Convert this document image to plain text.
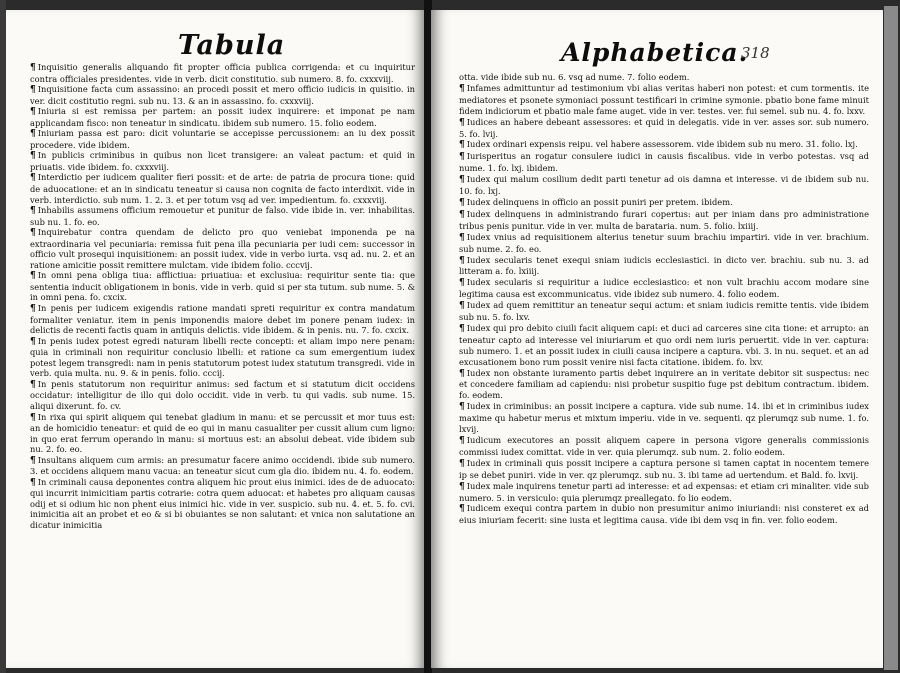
Tabula

¶ Inquisitio generalis aliquando fit propter officia publica corrigenda: et cu inquiritur contra officiales presidentes. vide in verb. dicit constitutio. sub numero. 8. fo. cxxxviij.

¶ Inquisitione facta cum assassino: an procedi possit et mero officio iudicis in quisitio. in ver. dicit costitutio regni. sub nu. 13. & an in assassino. fo. cxxxviij.

¶ Iniuria si est remissa per partem: an possit iudex inquirere: et imponat pe nam applicandam fisco: non teneatur in sindicatu. ibidem sub numero. 15. folio eodem.

¶ Iniuriam passa est paro: dicit voluntarie se accepisse percussionem: an iu dex possit procedere. vide ibidem.

¶ In publicis criminibus in quibus non licet transigere: an valeat pactum: et quid in priuatis. vide ibidem. fo. cxxxviij.

¶ Interdictio per iudicem qualiter fieri possit: et de arte: de patria de procura tione: quid de aduocatione: et an in sindicatu teneatur si causa non cognita de facto interdixit. vide in verb. interdictio. sub num. 1. 2. 3. et per totum vsq ad ver. impedientum. fo. cxxxviij.

¶ Inhabilis assumens officium remouetur et punitur de falso. vide ibide in. ver. inhabilitas. sub nu. 1. fo. eo.

¶ Inquirebatur contra quendam de delicto pro quo veniebat imponenda pe na extraordinaria vel pecuniaria: remissa fuit pena illa pecuniaria per iudi cem: successor in officio vult prosequi inquisitionem: an possit iudex. vide in verbo iurta. vsq ad. nu. 2. et an ratione amicitie possit remittere mulctam. vide ibidem folio. cccvij.

¶ In omni pena obliga tiua: afflictiua: priuatiua: et exclusiua: requiritur sente tia: que sententia inducit obligationem in bonis. vide in verb. quid si per sta tutum. sub nume. 5. & in omni pena. fo. cxcix.

¶ In penis per iudicem exigendis ratione mandati spreti requiritur ex contra mandatum formaliter veniatur. item in penis imponendis maiore debet im ponere penam iudex: in delictis de recenti factis quam in antiquis delictis. vide ibidem. & in penis. nu. 7. fo. cxcix.

¶ In penis iudex potest egredi naturam libelli recte concepti: et aliam impo nere penam: quia in criminali non requiritur conclusio libelli: et ratione ca sum emergentium iudex potest legem transgredi: nam in penis statutorum potest iudex statutum transgredi. vide in verb. quia multa. nu. 9. & in penis. folio. cccij.

¶ In penis statutorum non requiritur animus: sed factum et si statutum dicit occidens occidatur: intelligitur de illo qui dolo occidit. vide in verb. tu qui vadis. sub nume. 15. aliqui dixerunt. fo. cv.

¶ In rixa qui spirit aliquem qui tenebat gladium in manu: et se percussit et mor tuus est: an de homicidio teneatur: et quid de eo qui in manu casualiter per cussit alium cum ligno: in quo erat ferrum operando in manu: si mortuus est: an absolui debeat. vide ibidem sub nu. 2. fo. eo.

¶ Insultans aliquem cum armis: an presumatur facere animo occidendi. ibide sub numero. 3. et occidens aliquem manu vacua: an teneatur sicut cum gla dio. ibidem nu. 4. fo. eodem.

¶ In criminali causa deponentes contra aliquem hic prout eius inimici. ides de de aduocato: qui incurrit inimicitiam partis cotrarie: cotra quem aduocat: et habetes pro aliquam causas odij et si odium hic non phent eius inimici hic. vide in ver. suspicio. sub nu. 4. et. 5. fo. cvi. inimicitia ait an probet et eo & si bi obuiantes se non salutant: et vnica non salutatione an dicatur inimicitia

Alphabetica.
318

otta. vide ibide sub nu. 6. vsq ad nume. 7. folio eodem.

¶ Infames admittuntur ad testimonium vbi alias veritas haberi non potest: et cum tormentis. ite mediatores et psonete symoniaci possunt testificari in crimine symonie. pbatio bone fame minuit fidem indiciorum et pbatio male fame auget. vide in ver. testes. ver. fui semel. sub nu. 4. fo. lxxv.

¶ Iudices an habere debeant assessores: et quid in delegatis. vide in ver. asses sor. sub numero. 5. fo. lvij.

¶ Iudex ordinari expensis reipu. vel habere assessorem. vide ibidem sub nu mero. 31. folio. lxj.

¶ Iurisperitus an rogatur consulere iudici in causis fiscalibus. vide in verbo potestas. vsq ad nume. 1. fo. lxj. ibidem.

¶ Iudex qui malum cosilium dedit parti tenetur ad ois damna et interesse. vi de ibidem sub nu. 10. fo. lxj.

¶ Iudex delinquens in officio an possit puniri per pretem. ibidem.

¶ Iudex delinquens in administrando furari copertus: aut per iniam dans pro administratione tribus penis punitur. vide in ver. multa de barataria. num. 5. folio. lxiiij.

¶ Iudex vnius ad requisitionem alterius tenetur suum brachiu impartiri. vide in ver. brachium. sub nume. 2. fo. eo.

¶ Iudex secularis tenet exequi sniam iudicis ecclesiastici. in dicto ver. brachiu. sub nu. 3. ad litteram a. fo. lxiiij.

¶ Iudex secularis si requiritur a iudice ecclesiastico: et non vult brachiu accom modare sine legitima causa est excommunicatus. vide ibidez sub numero. 4. folio eodem.

¶ Iudex ad quem remittitur an teneatur sequi actum: et sniam iudicis remitte tentis. vide ibidem sub nu. 5. fo. lxv.

¶ Iudex qui pro debito ciuili facit aliquem capi: et duci ad carceres sine cita tione: et arrupto: an teneatur capto ad interesse vel iniuriarum et quo ordi nem iuris peruertit. vide in ver. captura: sub numero. 1. et an possit iudex in ciuili causa incipere a captura. vbi. 3. in nu. sequet. et an ad excusationem bono rum possit venire nisi facta citatione. ibidem. fo. lxv.

¶ Iudex non obstante iuramento partis debet inquirere an in veritate debitor sit suspectus: nec et concedere familiam ad capiendu: nisi probetur suspitio fuge pst debitum contractum. ibidem. fo. eodem.

¶ Iudex in criminibus: an possit incipere a captura. vide sub nume. 14. ibi et in criminibus iudex maxime qu habetur merus et mixtum imperiu. vide in ve. sequenti. qz plerumqz sub nume. 1. fo. lxvij.

¶ Iudicum executores an possit aliquem capere in persona vigore generalis commissionis commissi iudex comittat. vide in ver. quia plerumqz. sub num. 2. folio eodem.

¶ Iudex in criminali quis possit incipere a captura persone si tamen captat in nocentem temere ip se debet puniri. vide in ver. qz plerumqz. sub nu. 3. ibi tame ad uertendum. et Bald. fo. lxvij.

¶ Iudex male inquirens tenetur parti ad interesse: et ad expensas: et etiam cri minaliter. vide sub numero. 5. in versiculo: quia plerumqz preallegato. fo lio eodem.

¶ Iudicem exequi contra partem in dubio non presumitur animo iniuriandi: nisi consteret ex ad eius iniuriam fecerit: sine iusta et legitima causa. vide ibi dem vsq in fin. ver. folio eodem.
